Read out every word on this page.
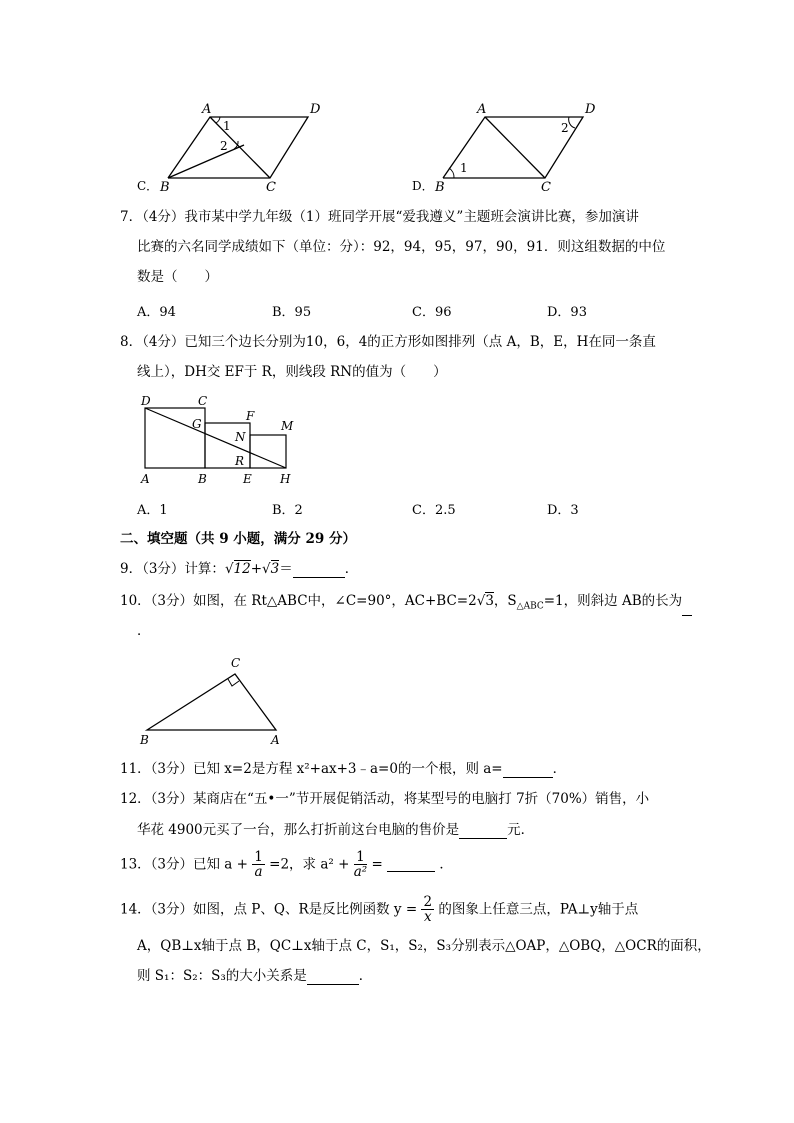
A	D
B	C
1
2
C．
A	D
B	C
1
2
D．
7．（4分）我市某中学九年级（1）班同学开展“爱我遵义”主题班会演讲比赛，参加演讲
比赛的六名同学成绩如下（单位：分）：92，94，95，97，90，91．则这组数据的中位
数是（　　）
A．94	B．95	C．96	D．93
8．（4分）已知三个边长分别为10，6，4的正方形如图排列（点 A，B，E，H在同一条直
线上），DH交 EF于 R，则线段 RN的值为（　　）
D	C
G
F
M
N
R
A	B	E H
A．1	B．2	C．2.5	D．3
二、填空题（共 9 小题，满分 29 分）
9．（3分）计算：√12+√3＝	．
10．（3分）如图，在 Rt△ABC中，∠C=90°，AC+BC=2√3，$S_{\triangle ABC}=1$，则斜边 AB的长为
．
C
B	A
11．（3分）已知 x=2是方程 x²+ax+3﹣a=0的一个根，则 a=	．
12．（3分）某商店在“五•一”节开展促销活动，将某型号的电脑打 7折（70%）销售，小
华花 4900元买了一台，那么打折前这台电脑的售价是	元．
13．（3分）已知 $a + \frac{1}{a} =2$，求 $a^2 + \frac{1}{\text{a²}}$ =	．
14．（3分）如图，点 P、Q、R是反比例函数 $y = \frac{2}{x}$ 的图象上任意三点，PA⊥y轴于点
A，QB⊥x轴于点 B，QC⊥x轴于点 C，S₁，S₂，S₃分别表示△OAP，△OBQ，△OCR的面积，
则 S₁：S₂：S₃的大小关系是	．
